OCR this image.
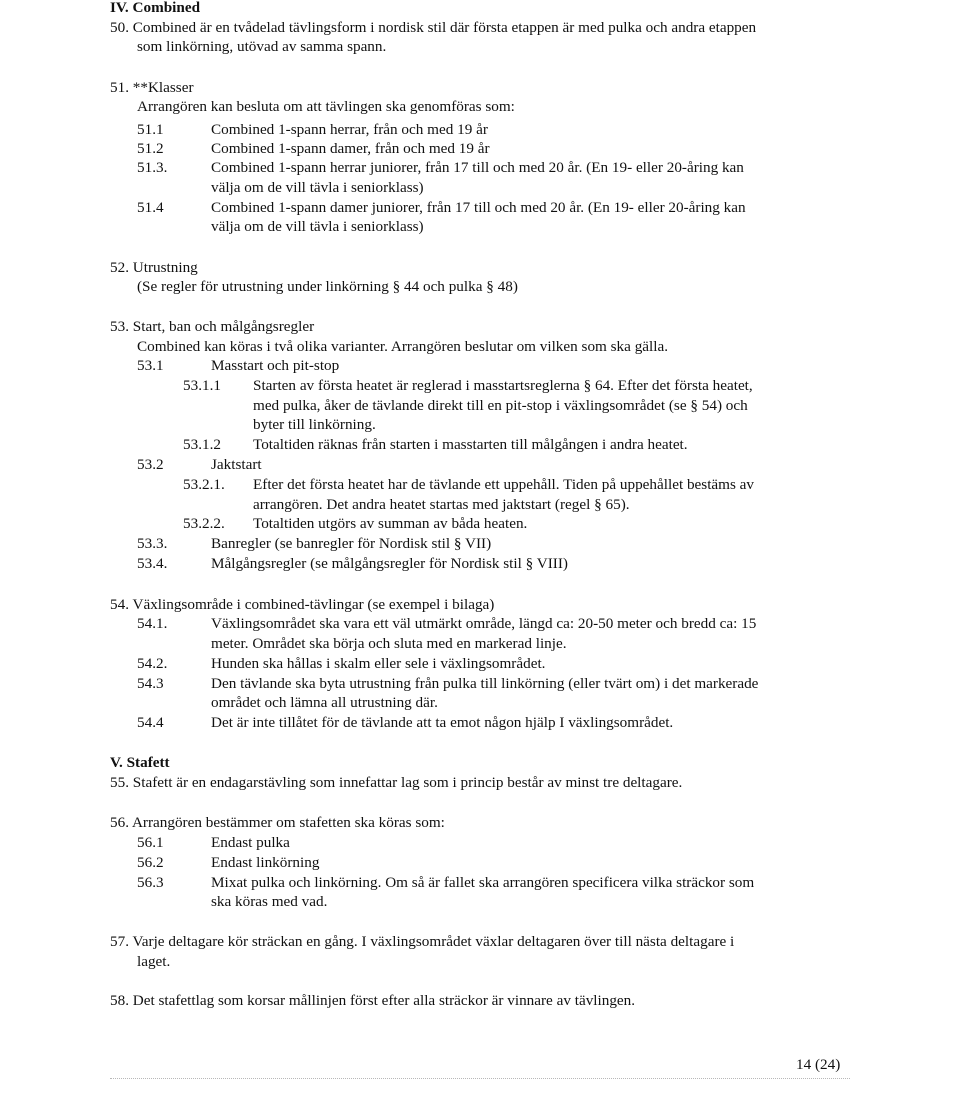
IV. Combined
50. Combined är en tvådelad tävlingsform i nordisk stil där första etappen är med pulka och andra etappen
som linkörning, utövad av samma spann.
51. **Klasser
Arrangören kan besluta om att tävlingen ska genomföras som:
51.1	Combined 1-spann herrar, från och med 19 år
51.2	Combined 1-spann damer, från och med 19 år
51.3.	Combined 1-spann herrar juniorer, från 17 till och med 20 år. (En 19- eller 20-åring kan
välja om de vill tävla i seniorklass)
51.4	Combined 1-spann damer juniorer, från 17 till och med 20 år. (En 19- eller 20-åring kan
välja om de vill tävla i seniorklass)
52. Utrustning
(Se regler för utrustning under linkörning § 44 och pulka § 48)
53. Start, ban och målgångsregler
Combined kan köras i två olika varianter. Arrangören beslutar om vilken som ska gälla.
53.1	Masstart och pit-stop
53.1.1 Starten av första heatet är reglerad i masstartsreglerna § 64. Efter det första heatet,
med pulka, åker de tävlande direkt till en pit-stop i växlingsområdet (se § 54) och
byter till linkörning.
53.1.2 Totaltiden räknas från starten i masstarten till målgången i andra heatet.
53.2	Jaktstart
53.2.1. Efter det första heatet har de tävlande ett uppehåll. Tiden på uppehållet bestäms av
arrangören. Det andra heatet startas med jaktstart (regel § 65).
53.2.2. Totaltiden utgörs av summan av båda heaten.
53.3.	Banregler (se banregler för Nordisk stil § VII)
53.4.	Målgångsregler (se målgångsregler för Nordisk stil § VIII)
54. Växlingsområde i combined-tävlingar (se exempel i bilaga)
54.1.	Växlingsområdet ska vara ett väl utmärkt område, längd ca: 20-50 meter och bredd ca: 15
meter. Området ska börja och sluta med en markerad linje.
54.2.	Hunden ska hållas i skalm eller sele i växlingsområdet.
54.3	Den tävlande ska byta utrustning från pulka till linkörning (eller tvärt om) i det markerade
området och lämna all utrustning där.
54.4	Det är inte tillåtet för de tävlande att ta emot någon hjälp I växlingsområdet.
V. Stafett
55. Stafett är en endagarstävling som innefattar lag som i princip består av minst tre deltagare.
56. Arrangören bestämmer om stafetten ska köras som:
56.1	Endast pulka
56.2	Endast linkörning
56.3	Mixat pulka och linkörning. Om så är fallet ska arrangören specificera vilka sträckor som
ska köras med vad.
57. Varje deltagare kör sträckan en gång. I växlingsområdet växlar deltagaren över till nästa deltagare i
laget.
58. Det stafettlag som korsar mållinjen först efter alla sträckor är vinnare av tävlingen.
14 (24)
